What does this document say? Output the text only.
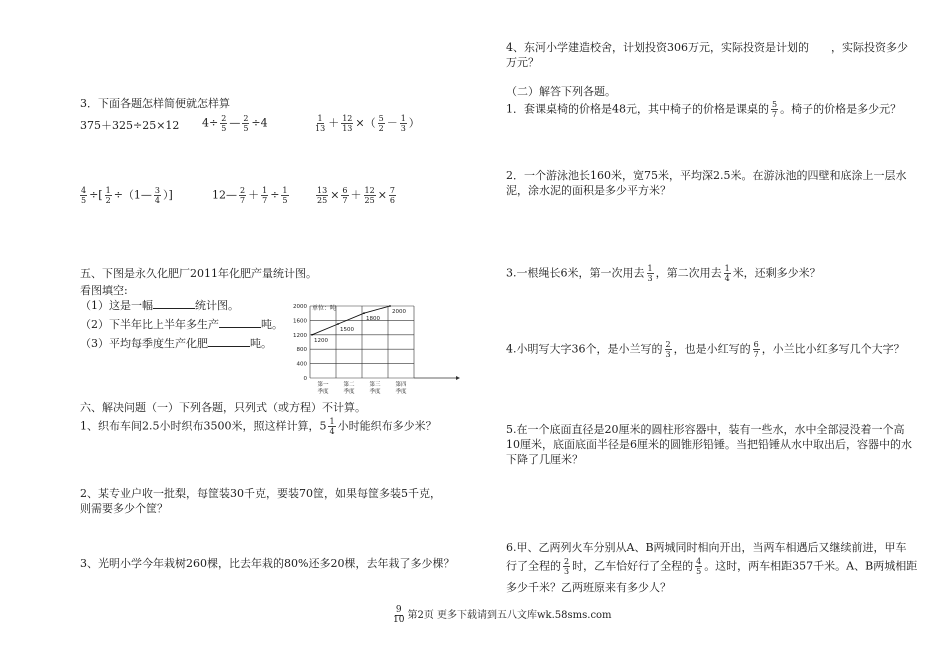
3．下面各题怎样简便就怎样算
375＋325÷25×12 $4\div \frac{2}{5}$ — $\frac{2}{5} \div 4$	$\frac{1}{13} + \frac{12}{13}$ ×（ $\frac{5}{2} - \frac{1}{3}$ ）
$\frac{4}{5}$ ÷[ $\frac{1}{2}$ ÷（1— $\frac{3}{4}$ ）]	12— $\frac{2}{7} + \frac{1}{7} \div \frac{1}{5}$	$\frac{13}{25} \times \frac{6}{7} + \frac{12}{25} \times \frac{7}{6}$
五、下图是永久化肥厂2011年化肥产量统计图。
看图填空:
（1）这是一幅	统计图。
（2）下半年比上半年多生产	吨。
（3）平均每季度生产化肥	吨。
0
400
800
1200
1600
2000
第一
季度
第二
季度
第三
季度
第四
季度
1200
1500
1800
2000
单位：吨
六、解决问题（一）下列各题，只列式（或方程）不计算。
1、织布车间2.5小时织布3500米，照这样计算，$5 \frac{1}{4}$ 小时能织布多少米？
2、某专业户收一批梨，每筐装30千克，要装70筐，如果每筐多装5千克，则需要多少个筐？
3、光明小学今年栽树260棵，比去年栽的80%还多20棵，去年栽了多少棵？
4、东河小学建造校舍，计划投资306万元，实际投资是计划的　　，实际投资多少万元？
（二）解答下列各题。
1．套课桌椅的价格是48元，其中椅子的价格是课桌的 $\frac{5}{7}$ 。椅子的价格是多少元？
2．一个游泳池长160米，宽75米，平均深2.5米。在游泳池的四壁和底涂上一层水泥，涂水泥的面积是多少平方米？
3.一根绳长6米，第一次用去 $\frac{1}{3}$ ，第二次用去 $\frac{1}{4}$ 米，还剩多少米？
4.小明写大字36个，是小兰写的 $\frac{2}{3}$ ，也是小红写的 $\frac{6}{7}$ ，小兰比小红多写几个大字？
5.在一个底面直径是20厘米的圆柱形容器中，装有一些水，水中全部浸没着一个高10厘米，底面底面半径是6厘米的圆锥形铅锤。当把铅锤从水中取出后，容器中的水下降了几厘米？
6.甲、乙两列火车分别从A、B两城同时相向开出，当两车相遇后又继续前进，甲车
行了全程的 $\frac{2}{3}$ 时，乙车恰好行了全程的 $\frac{4}{5}$ 。这时，两车相距357千米。A、B两城相距
多少千米？乙两班原来有多少人？
$\frac{9}{10}$ 第2页 更多下载请到五八文库wk.58sms.com
